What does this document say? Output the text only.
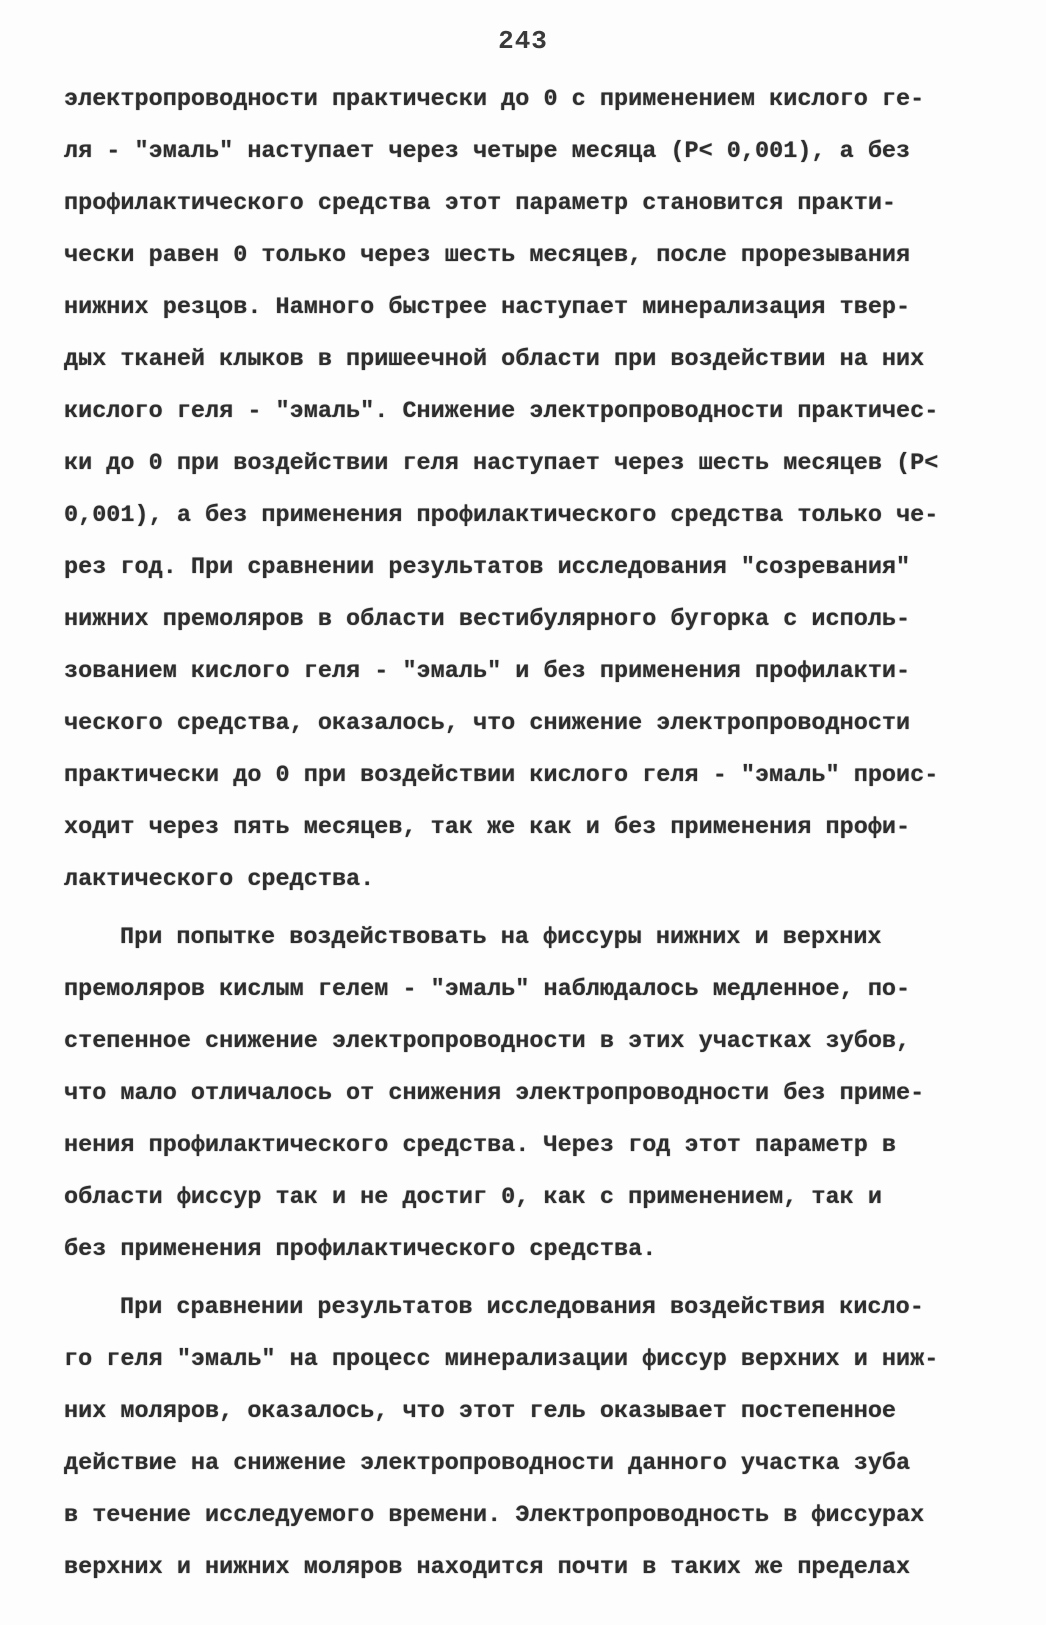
243
электропроводности практически до 0 с применением кислого ге-
ля - "эмаль" наступает через четыре месяца (P< 0,001), а без
профилактического средства этот параметр становится практи-
чески равен 0 только через шесть месяцев, после прорезывания
нижних резцов. Намного быстрее наступает минерализация твер-
дых тканей клыков в пришеечной области при воздействии на них
кислого геля - "эмаль". Снижение электропроводности практичес-
ки до 0 при воздействии геля наступает через шесть месяцев (P<
0,001), а без применения профилактического средства только че-
рез год. При сравнении результатов исследования "созревания"
нижних премоляров в области вестибулярного бугорка с исполь-
зованием кислого геля - "эмаль" и без применения профилакти-
ческого средства, оказалось, что снижение электропроводности
практически до 0 при воздействии кислого геля - "эмаль" проис-
ходит через пять месяцев, так же как и без применения профи-
лактического средства.
При попытке воздействовать на фиссуры нижних и верхних
премоляров кислым гелем - "эмаль" наблюдалось медленное, по-
степенное снижение электропроводности в этих участках зубов,
что мало отличалось от снижения электропроводности без приме-
нения профилактического средства. Через год этот параметр в
области фиссур так и не достиг 0, как с применением, так и
без применения профилактического средства.
При сравнении результатов исследования воздействия кисло-
го геля "эмаль" на процесс минерализации фиссур верхних и ниж-
них моляров, оказалось, что этот гель оказывает постепенное
действие на снижение электропроводности данного участка зуба
в течение исследуемого времени. Электропроводность в фиссурах
верхних и нижних моляров находится почти в таких же пределах
